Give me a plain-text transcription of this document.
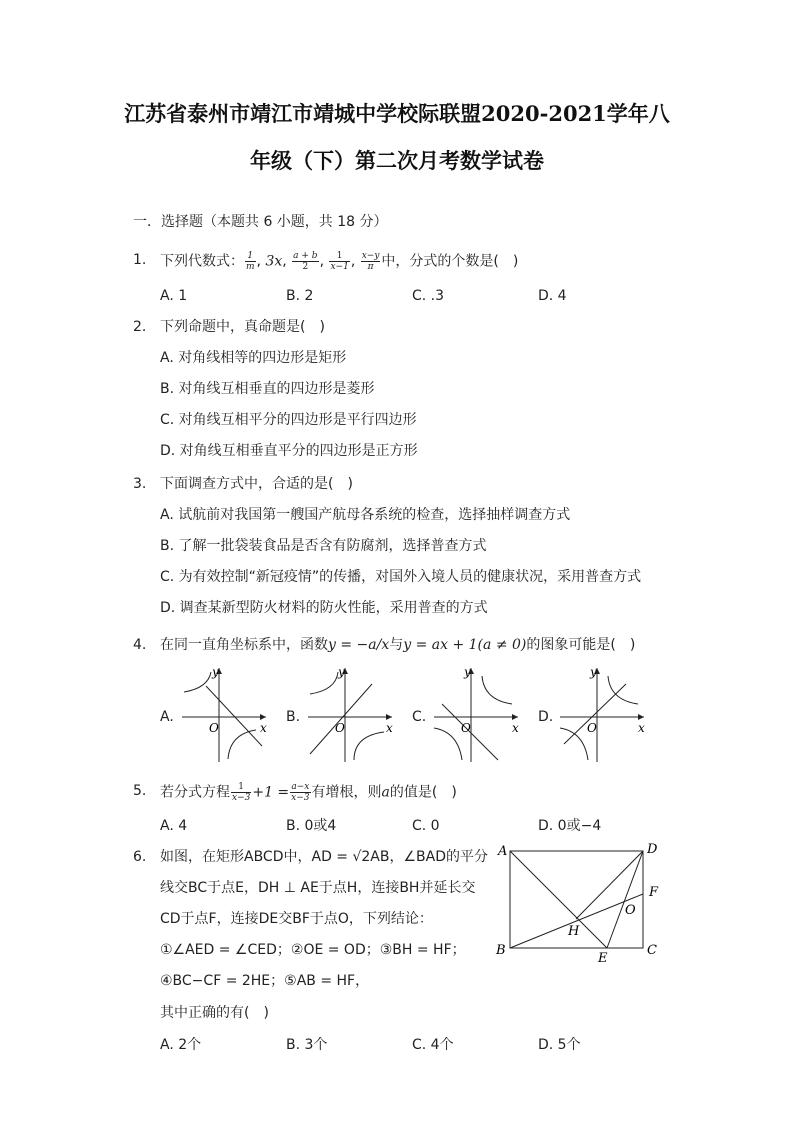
江苏省泰州市靖江市靖城中学校际联盟2020-2021学年八
年级（下）第二次月考数学试卷
一．选择题（本题共 6 小题，共 18 分）
1. 下列代数式： $\frac{1}{m}$ , 3x, $\frac{a + b}{2}$ , $\frac{1}{x-1}$ , $\frac{x-y}{\pi}$ 中，分式的个数是(　)
A. 1	B. 2	C. .3	D. 4
2. 下列命题中，真命题是(　)
A. 对角线相等的四边形是矩形
B. 对角线互相垂直的四边形是菱形
C. 对角线互相平分的四边形是平行四边形
D. 对角线互相垂直平分的四边形是正方形
3. 下面调查方式中，合适的是(　)
A. 试航前对我国第一艘国产航母各系统的检查，选择抽样调查方式
B. 了解一批袋装食品是否含有防腐剂，选择普查方式
C. 为有效控制“新冠疫情”的传播，对国外入境人员的健康状况，采用普查方式
D. 调查某新型防火材料的防火性能，采用普查的方式
4. 在同一直角坐标系中，函数y = −a/x与y = ax + 1(a ≠ 0)的图象可能是(　)
A.	B.	C.	D.
y
x
O
y
x
O
y
x
O
y
x
O
5. 若分式方程 $\frac{1}{x-3} +1 = \frac{a-x}{x-3}$ 有增根，则a的值是(　)
A. 4	B. 0或4	C. 0	D. 0或−4
6. 如图，在矩形ABCD中，AD = √2AB，∠BAD的平分
线交BC于点E，DH ⊥ AE于点H，连接BH并延长交
CD于点F，连接DE交BF于点O，下列结论：
①∠AED = ∠CED；②OE = OD；③BH = HF；
④BC−CF = 2HE；⑤AB = HF，
其中正确的有(　)
A. 2个	B. 3个	C. 4个	D. 5个
A	D
B	C
F
E
H
O
